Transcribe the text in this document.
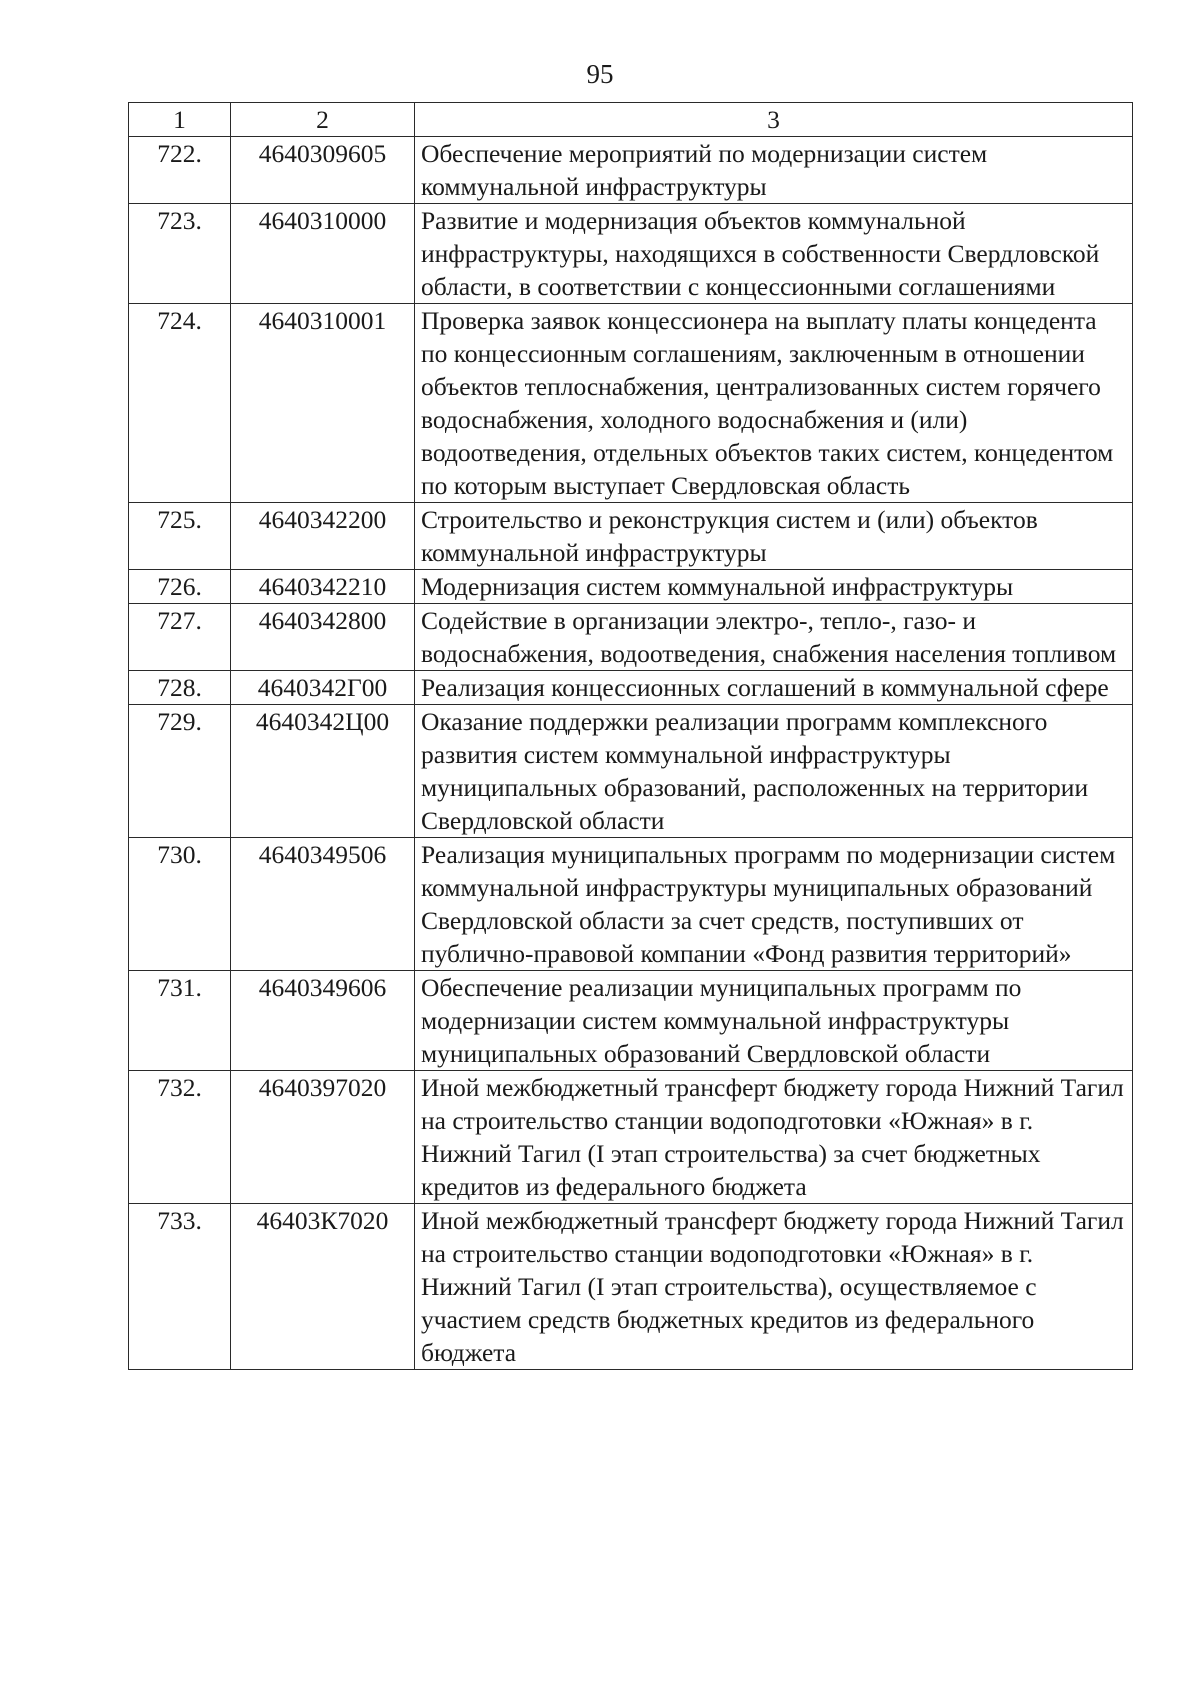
95
1	2	3
722.	4640309605	Обеспечение мероприятий по модернизации систем коммунальной инфраструктуры
723.	4640310000	Развитие и модернизация объектов коммунальной инфраструктуры, находящихся в собственности Свердловской области, в соответствии с концессионными соглашениями
724.	4640310001	Проверка заявок концессионера на выплату платы концедента по концессионным соглашениям, заключенным в отношении объектов теплоснабжения, централизованных систем горячего водоснабжения, холодного водоснабжения и (или) водоотведения, отдельных объектов таких систем, концедентом по которым выступает Свердловская область
725.	4640342200	Строительство и реконструкция систем и (или) объектов коммунальной инфраструктуры
726.	4640342210	Модернизация систем коммунальной инфраструктуры
727.	4640342800	Содействие в организации электро-, тепло-, газо- и водоснабжения, водоотведения, снабжения населения топливом
728.	4640342Г00	Реализация концессионных соглашений в коммунальной сфере
729.	4640342Ц00	Оказание поддержки реализации программ комплексного развития систем коммунальной инфраструктуры муниципальных образований, расположенных на территории Свердловской области
730.	4640349506	Реализация муниципальных программ по модернизации систем коммунальной инфраструктуры муниципальных образований Свердловской области за счет средств, поступивших от публично-правовой компании «Фонд развития территорий»
731.	4640349606	Обеспечение реализации муниципальных программ по модернизации систем коммунальной инфраструктуры муниципальных образований Свердловской области
732.	4640397020	Иной межбюджетный трансферт бюджету города Нижний Тагил на строительство станции водоподготовки «Южная» в г. Нижний Тагил (I этап строительства) за счет бюджетных кредитов из федерального бюджета
733.	46403К7020	Иной межбюджетный трансферт бюджету города Нижний Тагил на строительство станции водоподготовки «Южная» в г. Нижний Тагил (I этап строительства), осуществляемое с участием средств бюджетных кредитов из федерального бюджета
